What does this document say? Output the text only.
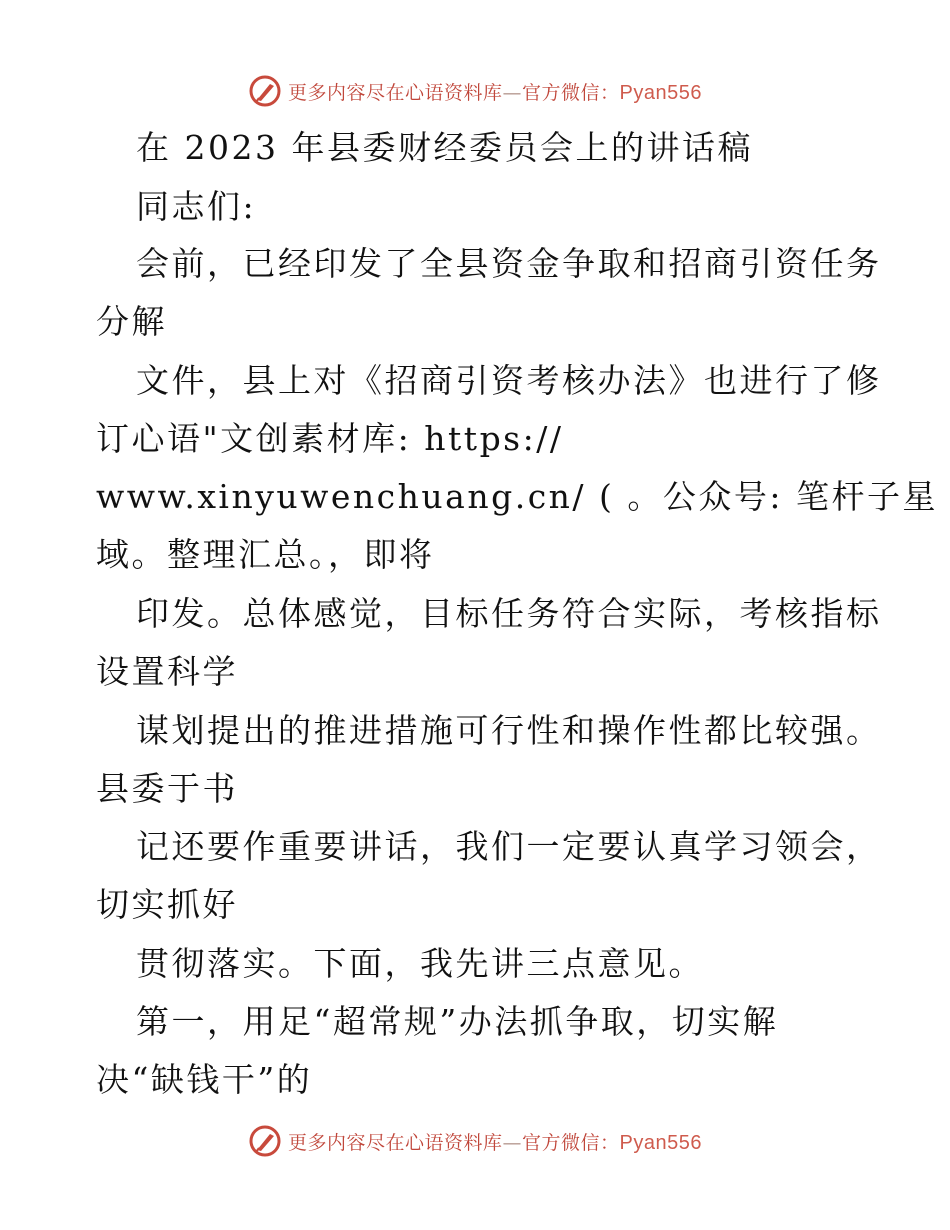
更多内容尽在心语资料库—官方微信：Pyan556
在 2023 年县委财经委员会上的讲话稿
同志们:
会前，已经印发了全县资金争取和招商引资任务
分解
文件，县上对《招商引资考核办法》也进行了修
订心语"文创素材库: https://
www.xinyuwenchuang.cn/ ( 。公众号: 笔杆子星
域。整理汇总。，即将
印发。总体感觉，目标任务符合实际，考核指标
设置科学
谋划提出的推进措施可行性和操作性都比较强。
县委于书
记还要作重要讲话，我们一定要认真学习领会，
切实抓好
贯彻落实。下面，我先讲三点意见。
第一，用足“超常规”办法抓争取，切实解
决“缺钱干”的
更多内容尽在心语资料库—官方微信：Pyan556
